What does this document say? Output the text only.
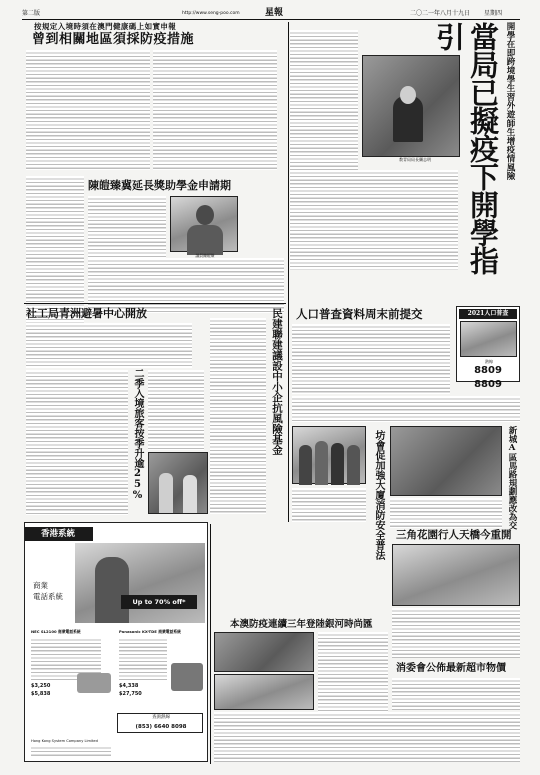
第二版	http://www.seng-poo.com	星報	二〇二一年八月十九日	星期四
按規定入境時須在澳門健康碼上如實申報
曾到相關地區須採防疫措施
教青局局長龔志明	開學在即跨境學生習外遊師生增疫情風險
當局已擬疫下開學指引
陳皚臻冀延長獎助學金申請期
議員陳皚臻
社工局青洲避暑中心開放
二季入境旅客按季升逾25%	民建聯建議設中小企抗風險基金 人口普查資料周末前提交	2021人口普查
熱線
8809 8809
坊會促加強大廈消防安全普法	新城A區馬路規劃應改為交
三角花園行人天橋今重開
本澳防疫連續三年登陸銀河時尚匯
消委會公佈最新超市物價
香港系統
商業
電話系統
Up to 70% off*
NEC SL2100 商業電話系統	Panasonic KX-TDE 商業電話系統
$3,250
$5,838
$4,338
$27,750
查詢熱線
(853) 6640 8098
Hong Kong System Company Limited
